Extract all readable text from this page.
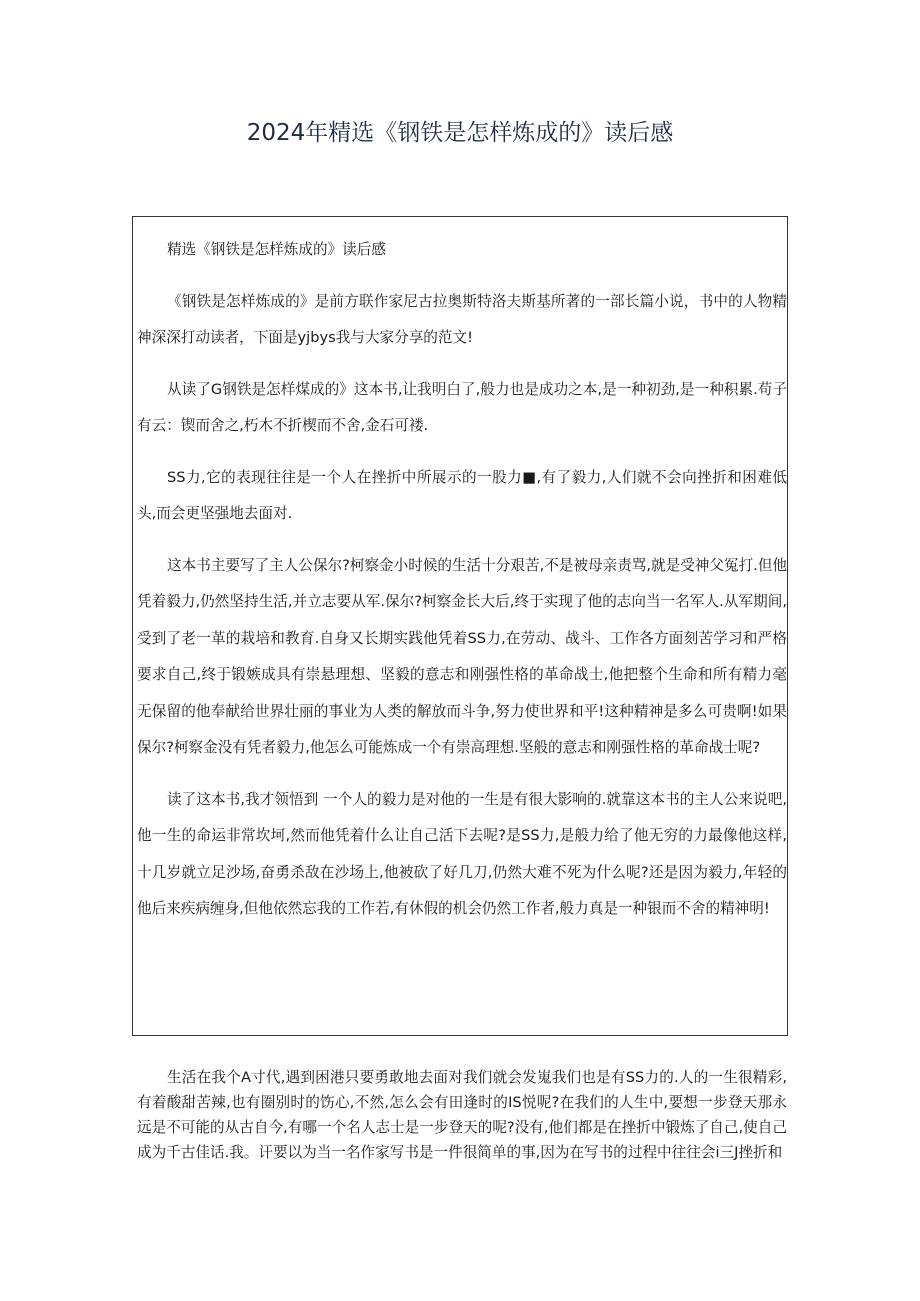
2024年精选《钢铁是怎样炼成的》读后感

精选《钢铁是怎样炼成的》读后感

《钢铁是怎样炼成的》是前方联作家尼古拉奥斯特洛夫斯基所著的一部长篇小说，书中的人物精神深深打动读者，下面是yjbys我与大家分享的范文!

从读了G钢铁是怎样煤成的》这本书,让我明白了,般力也是成功之本,是一种初劲,是一种积累.苟子有云：锲而舍之,朽木不折楔而不舍,金石可褛.

SS力,它的表现往往是一个人在挫折中所展示的一股力■,有了毅力,人们就不会向挫折和困难低头,而会更坚强地去面对.

这本书主要写了主人公保尔?柯察金小时候的生活十分艰苦,不是被母亲责骂,就是受神父冤打.但他凭着毅力,仍然坚持生活,并立志要从军.保尔?柯察金长大后,终于实现了他的志向当一名军人.从军期间,受到了老一革的栽培和教育.自身又长期实践他凭着SS力,在劳动、战斗、工作各方面刻苦学习和严格要求自己,终于锻嫉成具有崇悬理想、坚毅的意志和刚强性格的革命战士,他把整个生命和所有精力毫无保留的他奉献给世界壮丽的事业为人类的解放而斗争,努力使世界和平!这种精神是多么可贵啊!如果保尔?柯察金没有凭者毅力,他怎么可能炼成一个有崇高理想.坚般的意志和刚强性格的革命战士呢?

读了这本书,我才领悟到 一个人的毅力是对他的一生是有很大影响的.就靠这本书的主人公来说吧,他一生的命运非常坎坷,然而他凭着什么让自己活下去呢?是SS力,是般力给了他无穷的力最像他这样,十几岁就立足沙场,奋勇杀敌在沙场上,他被砍了好几刀,仍然大难不死为什么呢?还是因为毅力,年轻的他后来疾病缠身,但他依然忘我的工作若,有休假的机会仍然工作者,般力真是一种银而不舍的精神明!

生活在我个A寸代,遇到困港只要勇敢地去面对我们就会发嵬我们也是有SS力的.人的一生很精彩,有着酸甜苦辣,也有圈别时的饬心,不然,怎么会有田逢时的IS悦呢?在我们的人生中,要想一步登天那永远是不可能的从古自今,有哪一个名人志士是一步登天的呢?没有,他们都是在挫折中锻炼了自己,使自己成为千古佳话.我。讦要以为当一名作家写书是一件很简单的事,因为在写书的过程中往往会i三J挫折和
